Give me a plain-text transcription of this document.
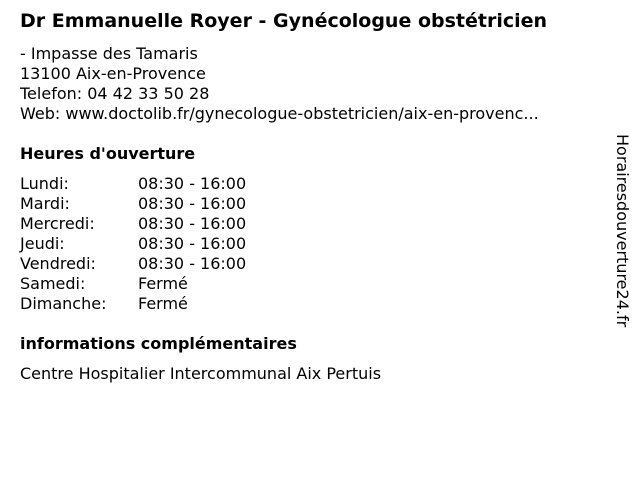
Dr Emmanuelle Royer - Gynécologue obstétricien
- Impasse des Tamaris
13100 Aix-en-Provence
Telefon: 04 42 33 50 28
Web: www.doctolib.fr/gynecologue-obstetricien/aix-en-provenc...
Heures d'ouverture
Lundi:	08:30 - 16:00
Mardi:	08:30 - 16:00
Mercredi:	08:30 - 16:00
Jeudi:	08:30 - 16:00
Vendredi:	08:30 - 16:00
Samedi:	Fermé
Dimanche: Fermé
informations complémentaires
Centre Hospitalier Intercommunal Aix Pertuis
Horairesdouverture24.fr
